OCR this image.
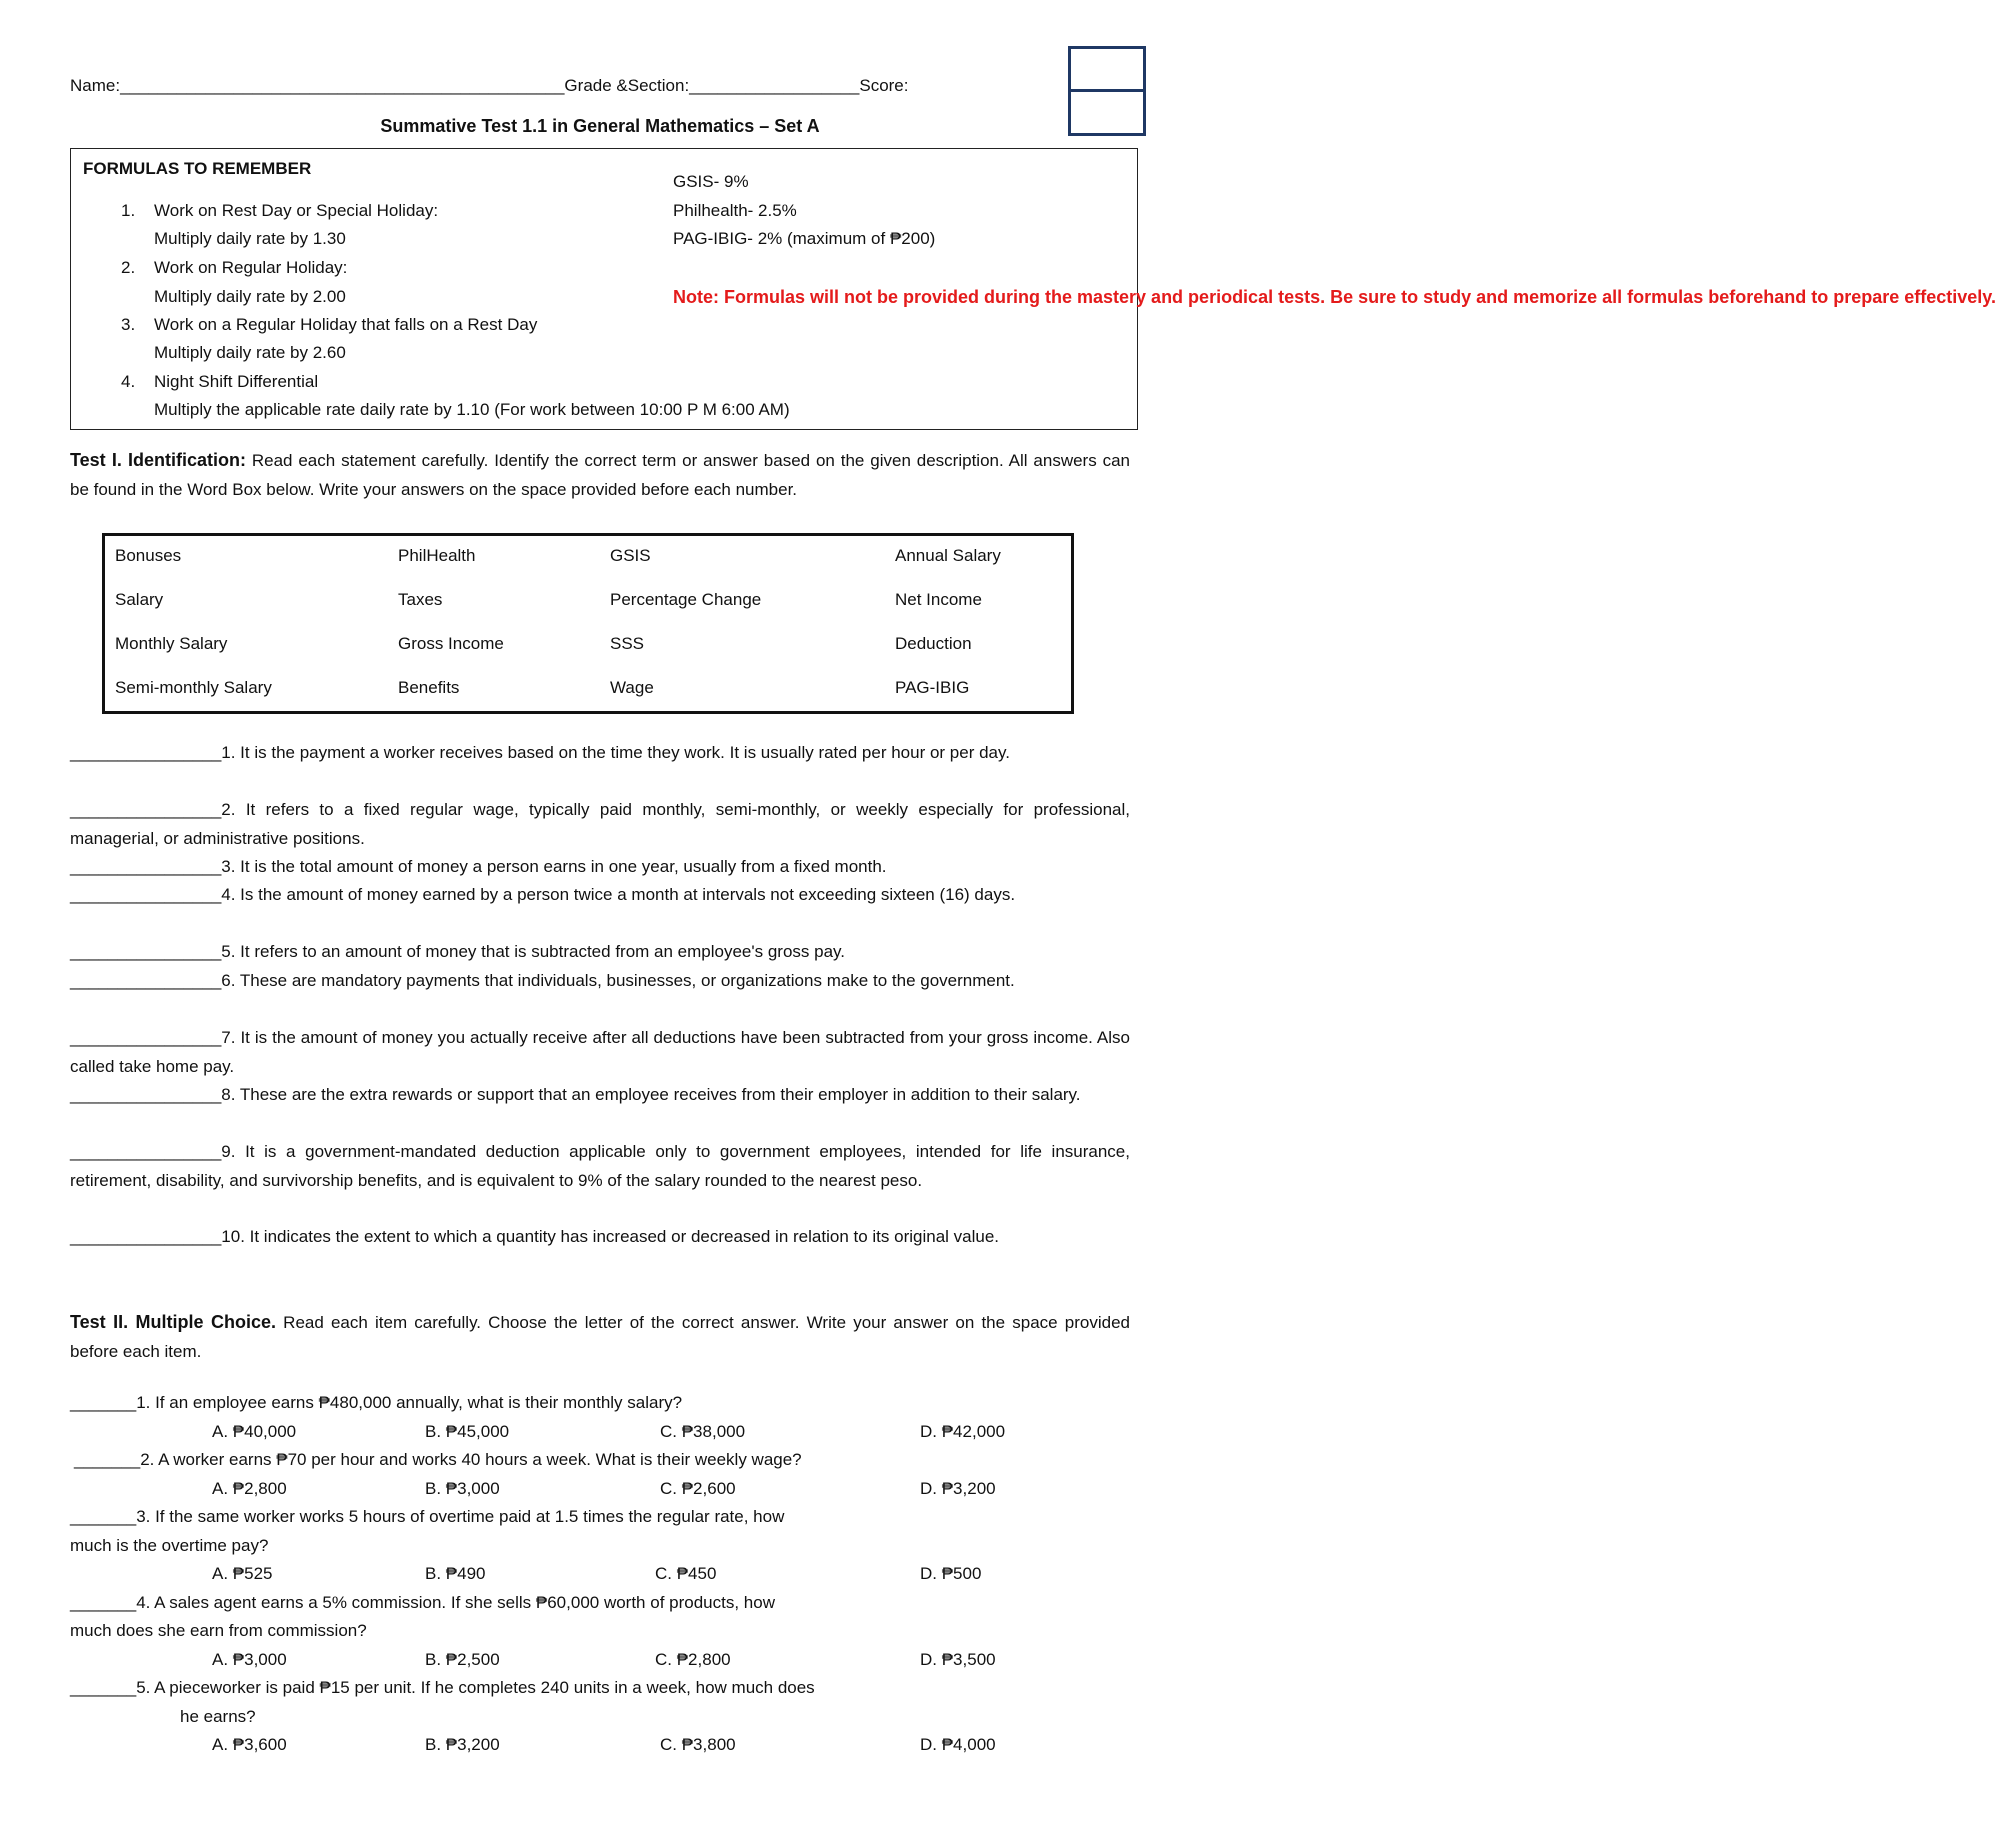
Name:_______________________________________________Grade &Section:__________________Score:
Summative Test 1.1 in General Mathematics – Set A
FORMULAS TO REMEMBER
1. Work on Rest Day or Special Holiday:
Multiply daily rate by 1.30
2. Work on Regular Holiday:
Multiply daily rate by 2.00
3. Work on a Regular Holiday that falls on a Rest Day
Multiply daily rate by 2.60
4. Night Shift Differential
Multiply the applicable rate daily rate by 1.10 (For work between 10:00 P M 6:00 AM)
GSIS- 9%
Philhealth- 2.5%
PAG-IBIG- 2% (maximum of ₱200)
Note: Formulas will not be provided during the mastery and periodical tests. Be sure to study and memorize all formulas beforehand to prepare effectively.
Test I. Identification: Read each statement carefully. Identify the correct term or answer based on the given description. All answers can be found in the Word Box below. Write your answers on the space provided before each number.
Bonuses	PhilHealth	GSIS	Annual Salary
Salary	Taxes	Percentage Change	Net Income
Monthly Salary	Gross Income	SSS	Deduction
Semi-monthly Salary	Benefits	Wage	PAG-IBIG
________________1. It is the payment a worker receives based on the time they work. It is usually rated per hour or per day.
________________2. It refers to a fixed regular wage, typically paid monthly, semi-monthly, or weekly especially for professional, managerial, or administrative positions.
________________3. It is the total amount of money a person earns in one year, usually from a fixed month.
________________4. Is the amount of money earned by a person twice a month at intervals not exceeding sixteen (16) days.
________________5. It refers to an amount of money that is subtracted from an employee's gross pay.
________________6. These are mandatory payments that individuals, businesses, or organizations make to the government.
________________7. It is the amount of money you actually receive after all deductions have been subtracted from your gross income. Also called take home pay.
________________8. These are the extra rewards or support that an employee receives from their employer in addition to their salary.
________________9. It is a government-mandated deduction applicable only to government employees, intended for life insurance, retirement, disability, and survivorship benefits, and is equivalent to 9% of the salary rounded to the nearest peso.
________________10. It indicates the extent to which a quantity has increased or decreased in relation to its original value.
Test II. Multiple Choice. Read each item carefully. Choose the letter of the correct answer. Write your answer on the space provided before each item.
_______1. If an employee earns ₱480,000 annually, what is their monthly salary?
A. ₱40,000	B. ₱45,000	C. ₱38,000	D. ₱42,000
_______2. A worker earns ₱70 per hour and works 40 hours a week. What is their weekly wage?
A. ₱2,800	B. ₱3,000	C. ₱2,600	D. ₱3,200
_______3. If the same worker works 5 hours of overtime paid at 1.5 times the regular rate, how
much is the overtime pay?
A. ₱525	B. ₱490	C. ₱450	D. ₱500
_______4. A sales agent earns a 5% commission. If she sells ₱60,000 worth of products, how
much does she earn from commission?
A. ₱3,000	B. ₱2,500	C. ₱2,800	D. ₱3,500
_______5. A pieceworker is paid ₱15 per unit. If he completes 240 units in a week, how much does
he earns?
A. ₱3,600	B. ₱3,200	C. ₱3,800	D. ₱4,000
